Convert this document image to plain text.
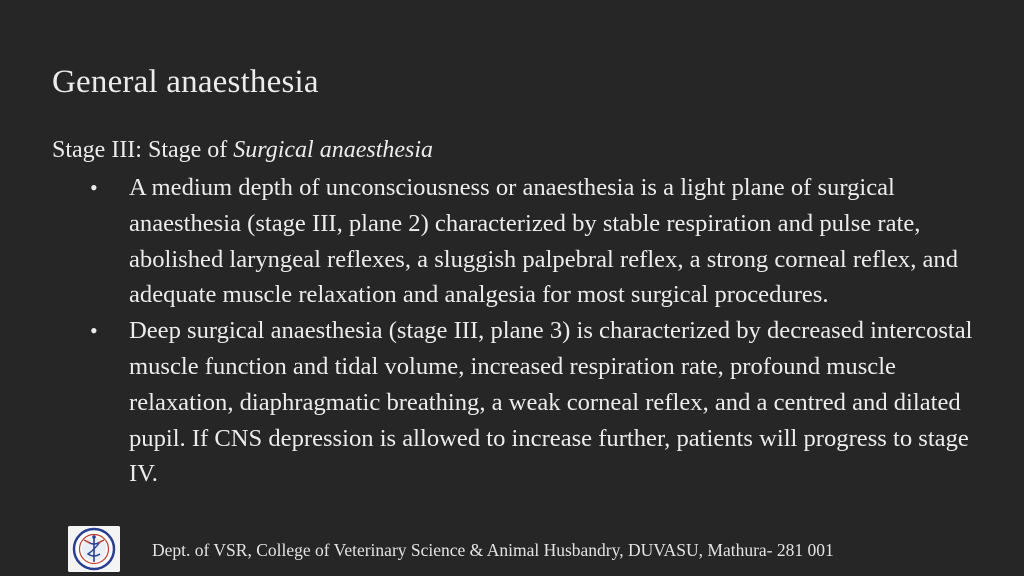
General anaesthesia
Stage III: Stage of Surgical anaesthesia
• A medium depth of unconsciousness or anaesthesia is a light plane of surgical anaesthesia (stage III, plane 2) characterized by stable respiration and pulse rate, abolished laryngeal reflexes, a sluggish palpebral reflex, a strong corneal reflex, and adequate muscle relaxation and analgesia for most surgical procedures.
• Deep surgical anaesthesia (stage III, plane 3) is characterized by decreased intercostal muscle function and tidal volume, increased respiration rate, profound muscle relaxation, diaphragmatic breathing, a weak corneal reflex, and a centred and dilated pupil. If CNS depression is allowed to increase further, patients will progress to stage IV.
Dept. of VSR, College of Veterinary Science & Animal Husbandry, DUVASU, Mathura- 281 001
